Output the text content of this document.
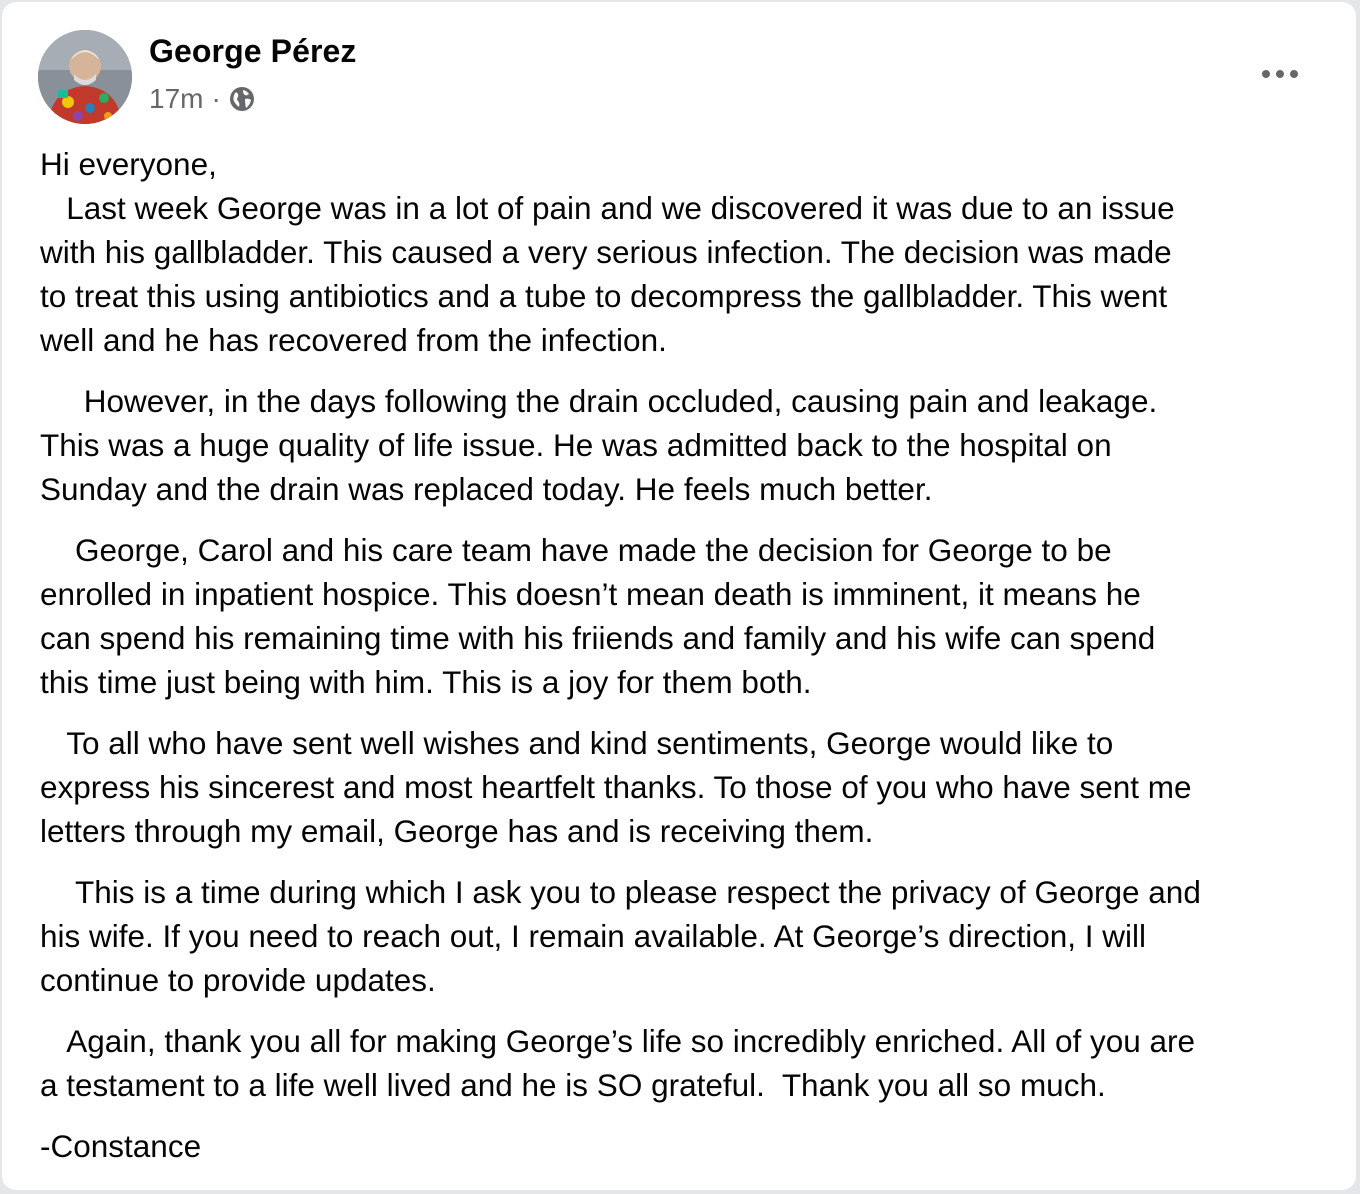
George Pérez
17m ·

Hi everyone,
Last week George was in a lot of pain and we discovered it was due to an issue
with his gallbladder. This caused a very serious infection. The decision was made
to treat this using antibiotics and a tube to decompress the gallbladder. This went
well and he has recovered from the infection.

However, in the days following the drain occluded, causing pain and leakage.
This was a huge quality of life issue. He was admitted back to the hospital on
Sunday and the drain was replaced today. He feels much better.

George, Carol and his care team have made the decision for George to be
enrolled in inpatient hospice. This doesn’t mean death is imminent, it means he
can spend his remaining time with his friiends and family and his wife can spend
this time just being with him. This is a joy for them both.

To all who have sent well wishes and kind sentiments, George would like to
express his sincerest and most heartfelt thanks. To those of you who have sent me
letters through my email, George has and is receiving them.

This is a time during which I ask you to please respect the privacy of George and
his wife. If you need to reach out, I remain available. At George’s direction, I will
continue to provide updates.

Again, thank you all for making George’s life so incredibly enriched. All of you are
a testament to a life well lived and he is SO grateful.  Thank you all so much.

-Constance
